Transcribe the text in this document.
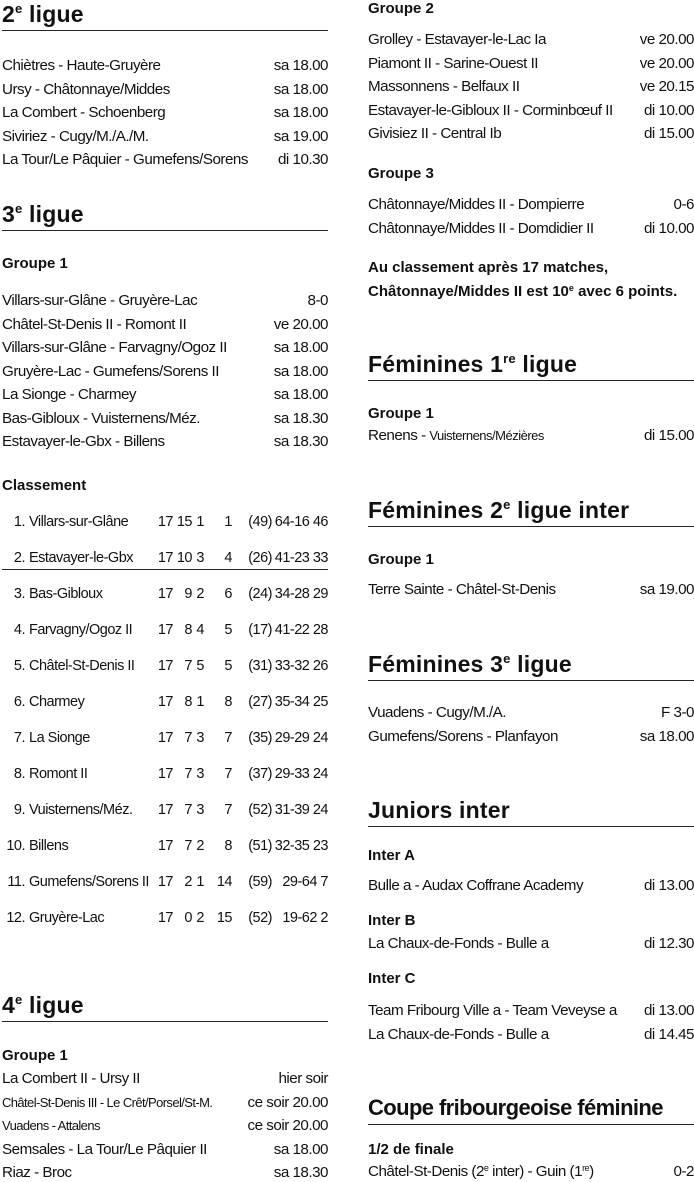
2e ligue
Chiètres - Haute-Gruyère	sa 18.00
Ursy - Châtonnaye/Middes	sa 18.00
La Combert - Schoenberg	sa 18.00
Siviriez - Cugy/M./A./M.	sa 19.00
La Tour/Le Pâquier - Gumefens/Sorens di 10.30
3e ligue
Groupe 1
Villars-sur-Glâne - Gruyère-Lac	8-0
Châtel-St-Denis II - Romont II	ve 20.00
Villars-sur-Glâne - Farvagny/Ogoz II	sa 18.00
Gruyère-Lac - Gumefens/Sorens II	sa 18.00
La Sionge - Charmey	sa 18.00
Bas-Gibloux - Vuisternens/Méz.	sa 18.30
Estavayer-le-Gbx - Billens	sa 18.30
Classement
1. Villars-sur-Glâne 17 15 1 1 (49) 64-16 46
2. Estavayer-le-Gbx 17 10 3 4 (26) 41-23 33
3. Bas-Gibloux	17 9 2 6 (24) 34-28 29
4. Farvagny/Ogoz II 17 8 4 5 (17) 41-22 28
5. Châtel-St-Denis II 17 7 5 5 (31) 33-32 26
6. Charmey	17 8 1 8 (27) 35-34 25
7. La Sionge	17 7 3 7 (35) 29-29 24
8. Romont II	17 7 3 7 (37) 29-33 24
9. Vuisternens/Méz. 17 7 3 7 (52) 31-39 24
10. Billens	17 7 2 8 (51) 32-35 23
11. Gumefens/Sorens II 17 2 1 14 (59) 29-64 7
12. Gruyère-Lac	17 0 2 15 (52) 19-62 2
4e ligue
Groupe 1
La Combert II - Ursy II	hier soir
Châtel-St-Denis III - Le Crêt/Porsel/St-M. ce soir 20.00
Vuadens - Attalens	ce soir 20.00
Semsales - La Tour/Le Pâquier II	sa 18.00
Riaz - Broc	sa 18.30
Groupe 2
Grolley - Estavayer-le-Lac Ia	ve 20.00
Piamont II - Sarine-Ouest II	ve 20.00
Massonnens - Belfaux II	ve 20.15
Estavayer-le-Gibloux II - Corminbœuf II di 10.00
Givisiez II - Central Ib	di 15.00
Groupe 3
Châtonnaye/Middes II - Dompierre	0-6
Châtonnaye/Middes II - Domdidier II	di 10.00
Au classement après 17 matches,
Châtonnaye/Middes II est 10e avec 6 points.
Féminines 1re ligue
Groupe 1
Renens - Vuisternens/Mézières	di 15.00
Féminines 2e ligue inter
Groupe 1
Terre Sainte - Châtel-St-Denis	sa 19.00
Féminines 3e ligue
Vuadens - Cugy/M./A.	F 3-0
Gumefens/Sorens - Planfayon	sa 18.00
Juniors inter
Inter A
Bulle a - Audax Coffrane Academy	di 13.00
Inter B
La Chaux-de-Fonds - Bulle a	di 12.30
Inter C
Team Fribourg Ville a - Team Veveyse a di 13.00
La Chaux-de-Fonds - Bulle a	di 14.45
Coupe fribourgeoise féminine
1/2 de finale
Châtel-St-Denis (2e inter) - Guin (1re)	0-2
